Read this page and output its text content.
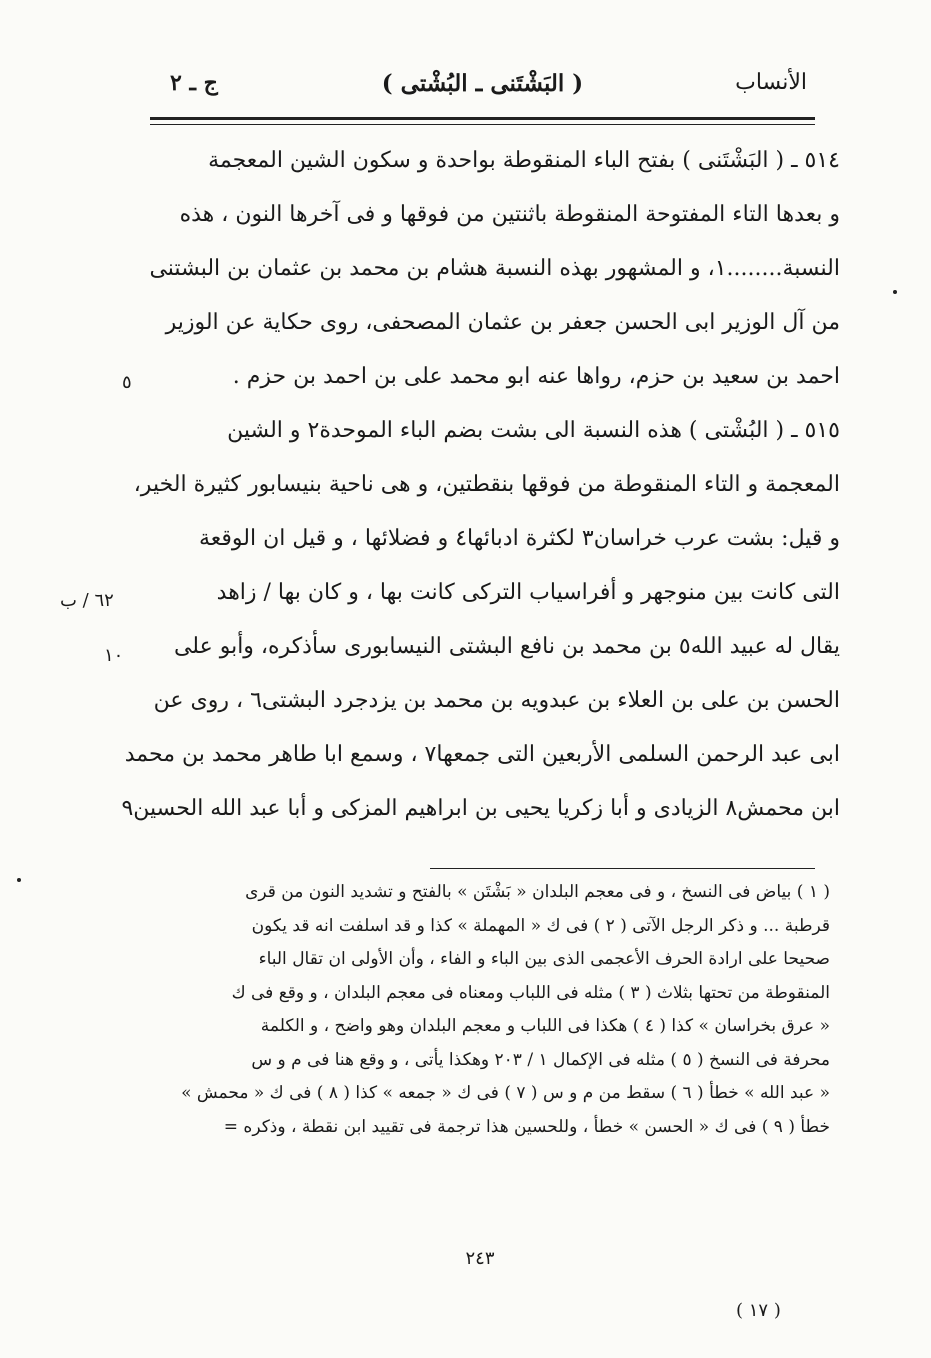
الأنساب
( البَشْتَنی ـ البُشْتی )
ج ـ ٢
٥١٤ ـ ( البَشْتَنی ) بفتح الباء المنقوطة بواحدة و سكون الشين المعجمة
و بعدها التاء المفتوحة المنقوطة باثنتين من فوقها و فى آخرها النون ، هذه
النسبة........١، و المشهور بهذه النسبة هشام بن محمد بن عثمان بن البشتنی
من آل الوزير ابى الحسن جعفر بن عثمان المصحفى، روى حكاية عن الوزير
احمد بن سعيد بن حزم، رواها عنه ابو محمد على بن احمد بن حزم .
٥١٥ ـ ( البُشْتی ) هذه النسبة الى بشت بضم الباء الموحدة٢ و الشين
المعجمة و التاء المنقوطة من فوقها بنقطتين، و هى ناحية بنيسابور كثيرة الخير،
و قيل: بشت عرب خراسان٣ لكثرة ادبائها٤ و فضلائها ، و قيل ان الوقعة
التى كانت بين منوجهر و أفراسياب التركى كانت بها ، و كان بها / زاهد
يقال له عبيد الله٥ بن محمد بن نافع البشتى النيسابورى سأذكره، وأبو على
الحسن بن على بن العلاء بن عبدويه بن محمد بن يزدجرد البشتى٦ ، روى عن
ابى عبد الرحمن السلمى الأربعين التى جمعها٧ ، وسمع ابا طاهر محمد بن محمد
ابن محمش٨ الزيادى و أبا زكريا يحيى بن ابراهيم المزكى و أبا عبد الله الحسين٩
٥
٦٢ / ب
١٠
( ١ ) بياض فى النسخ ، و فى معجم البلدان « بَشْتَن » بالفتح و تشديد النون من قرى
قرطبة ... و ذكر الرجل الآتى ( ٢ ) فى ك « المهملة » كذا و قد اسلفت انه قد يكون
صحيحا على ارادة الحرف الأعجمى الذى بين الباء و الفاء ، وأن الأولى ان تقال الباء
المنقوطة من تحتها بثلاث ( ٣ ) مثله فى اللباب ومعناه فى معجم البلدان ، و وقع فى ك
« عرق بخراسان » كذا ( ٤ ) هكذا فى اللباب و معجم البلدان وهو واضح ، و الكلمة
محرفة فى النسخ ( ٥ ) مثله فى الإكمال ١ / ٢٠٣ وهكذا يأتى ، و وقع هنا فى م و س
« عبد الله » خطأ ( ٦ ) سقط من م و س ( ٧ ) فى ك « جمعه » كذا ( ٨ ) فى ك « محمش »
خطأ ( ٩ ) فى ك « الحسن » خطأ ، وللحسين هذا ترجمة فى تقييد ابن نقطة ، وذكره =
٢٤٣
( ١٧ )
